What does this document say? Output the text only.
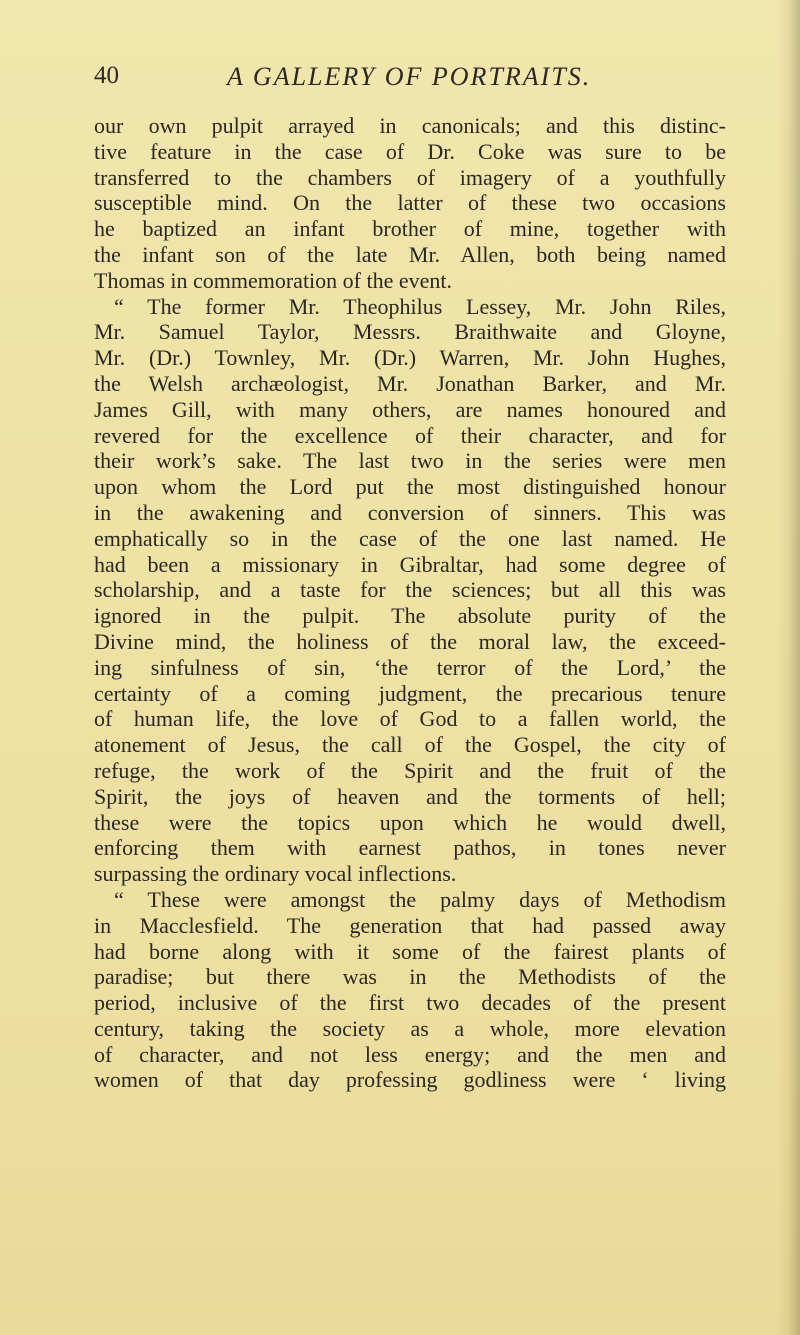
40	A GALLERY OF PORTRAITS.
our own pulpit arrayed in canonicals; and this distinc-
tive feature in the case of Dr. Coke was sure to be
transferred to the chambers of imagery of a youthfully
susceptible mind. On the latter of these two occasions
he baptized an infant brother of mine, together with
the infant son of the late Mr. Allen, both being named
Thomas in commemoration of the event.
“ The former Mr. Theophilus Lessey, Mr. John Riles,
Mr. Samuel Taylor, Messrs. Braithwaite and Gloyne,
Mr. (Dr.) Townley, Mr. (Dr.) Warren, Mr. John Hughes,
the Welsh archæologist, Mr. Jonathan Barker, and Mr.
James Gill, with many others, are names honoured and
revered for the excellence of their character, and for
their work’s sake. The last two in the series were men
upon whom the Lord put the most distinguished honour
in the awakening and conversion of sinners. This was
emphatically so in the case of the one last named. He
had been a missionary in Gibraltar, had some degree of
scholarship, and a taste for the sciences; but all this was
ignored in the pulpit. The absolute purity of the
Divine mind, the holiness of the moral law, the exceed-
ing sinfulness of sin, ‘the terror of the Lord,’ the
certainty of a coming judgment, the precarious tenure
of human life, the love of God to a fallen world, the
atonement of Jesus, the call of the Gospel, the city of
refuge, the work of the Spirit and the fruit of the
Spirit, the joys of heaven and the torments of hell;
these were the topics upon which he would dwell,
enforcing them with earnest pathos, in tones never
surpassing the ordinary vocal inflections.
“ These were amongst the palmy days of Methodism
in Macclesfield. The generation that had passed away
had borne along with it some of the fairest plants of
paradise; but there was in the Methodists of the
period, inclusive of the first two decades of the present
century, taking the society as a whole, more elevation
of character, and not less energy; and the men and
women of that day professing godliness were ‘ living
